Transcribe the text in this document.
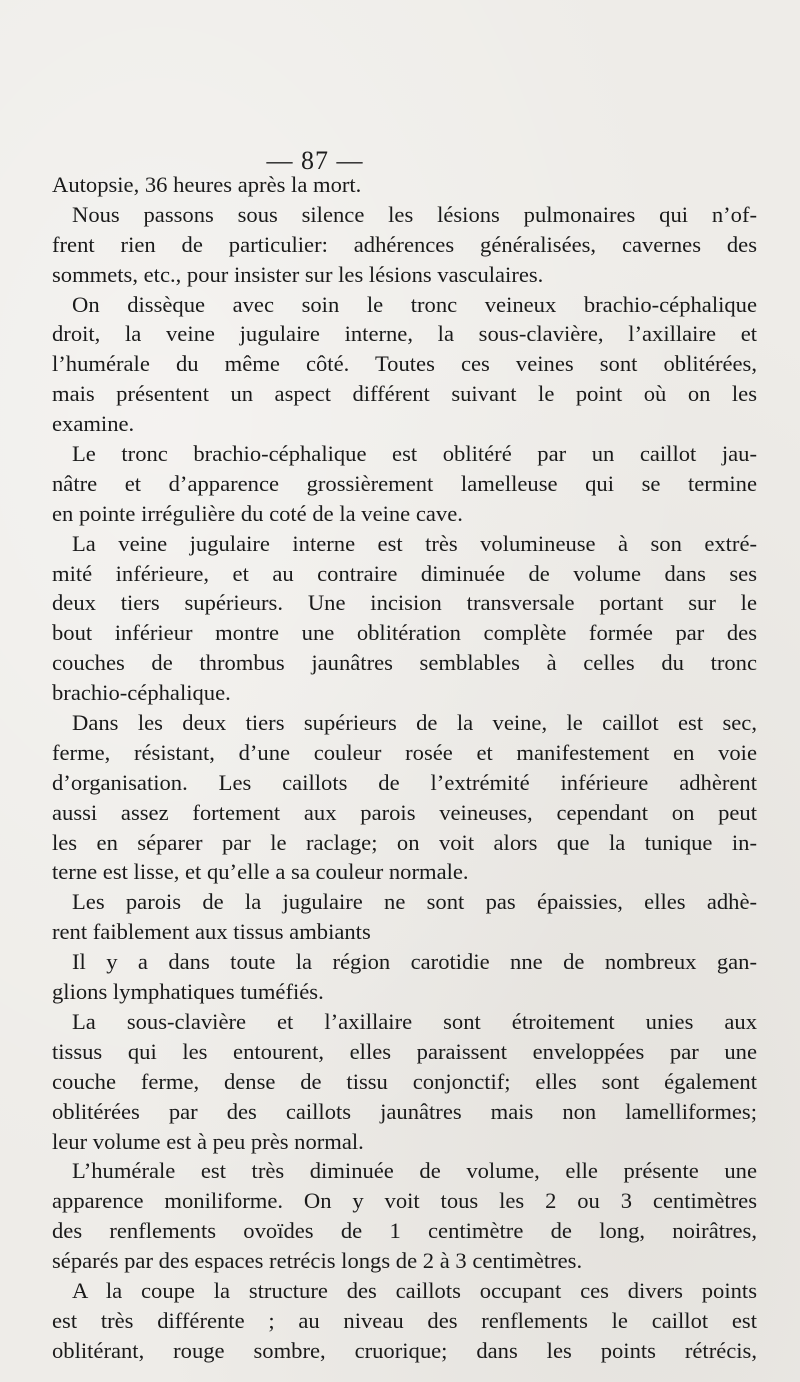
— 87 —
Autopsie, 36 heures après la mort.
Nous passons sous silence les lésions pulmonaires qui n’of-
frent rien de particulier: adhérences généralisées, cavernes des
sommets, etc., pour insister sur les lésions vasculaires.
On dissèque avec soin le tronc veineux brachio-céphalique
droit, la veine jugulaire interne, la sous-clavière, l’axillaire et
l’humérale du même côté. Toutes ces veines sont oblitérées,
mais présentent un aspect différent suivant le point où on les
examine.
Le tronc brachio-céphalique est oblitéré par un caillot jau-
nâtre et d’apparence grossièrement lamelleuse qui se termine
en pointe irrégulière du coté de la veine cave.
La veine jugulaire interne est très volumineuse à son extré-
mité inférieure, et au contraire diminuée de volume dans ses
deux tiers supérieurs. Une incision transversale portant sur le
bout inférieur montre une oblitération complète formée par des
couches de thrombus jaunâtres semblables à celles du tronc
brachio-céphalique.
Dans les deux tiers supérieurs de la veine, le caillot est sec,
ferme, résistant, d’une couleur rosée et manifestement en voie
d’organisation. Les caillots de l’extrémité inférieure adhèrent
aussi assez fortement aux parois veineuses, cependant on peut
les en séparer par le raclage; on voit alors que la tunique in-
terne est lisse, et qu’elle a sa couleur normale.
Les parois de la jugulaire ne sont pas épaissies, elles adhè-
rent faiblement aux tissus ambiants
Il y a dans toute la région carotidie nne de nombreux gan-
glions lymphatiques tuméfiés.
La sous-clavière et l’axillaire sont étroitement unies aux
tissus qui les entourent, elles paraissent enveloppées par une
couche ferme, dense de tissu conjonctif; elles sont également
oblitérées par des caillots jaunâtres mais non lamelliformes;
leur volume est à peu près normal.
L’humérale est très diminuée de volume, elle présente une
apparence moniliforme. On y voit tous les 2 ou 3 centimètres
des renflements ovoïdes de 1 centimètre de long, noirâtres,
séparés par des espaces retrécis longs de 2 à 3 centimètres.
A la coupe la structure des caillots occupant ces divers points
est très différente ; au niveau des renflements le caillot est
oblitérant, rouge sombre, cruorique; dans les points rétrécis,
